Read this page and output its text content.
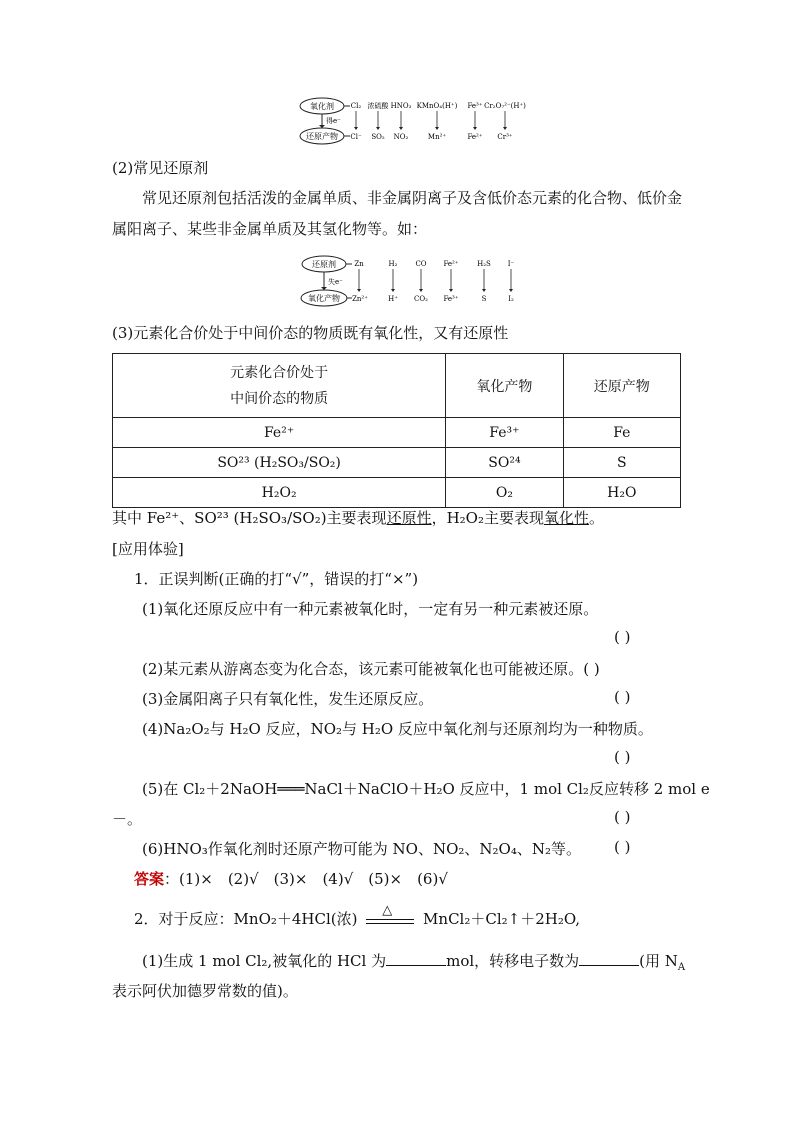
氧化剂
还原产物
得e⁻
Cl₂ 浓硫酸 HNO₃ KMnO₄(H⁺) Fe³⁺ Cr₂O₇²⁻(H⁺)
Cl⁻ SO₂ NO₂	Mn²⁺	Fe²⁺ Cr³⁺
(2)常见还原剂
常见还原剂包括活泼的金属单质、非金属阴离子及含低价态元素的化合物、低价金属阳离子、某些非金属单质及其氢化物等。如：
还原剂
氧化产物
失e⁻
Zn	H₂	CO Fe²⁺	H₂S I⁻
Zn²⁺	H⁺ CO₂ Fe³⁺	S	I₂
(3)元素化合价处于中间价态的物质既有氧化性，又有还原性
元素化合价处于
中间价态的物质	氧化产物	还原产物
Fe²⁺	Fe³⁺	Fe
SO²³ (H₂SO₃/SO₂)	SO²⁴	S
H₂O₂	O₂	H₂O
其中 Fe²⁺、SO²³ (H₂SO₃/SO₂)主要表现还原性，H₂O₂主要表现氧化性。
[应用体验]
1．正误判断(正确的打“√”，错误的打“×”)
(1)氧化还原反应中有一种元素被氧化时，一定有另一种元素被还原。
( )
(2)某元素从游离态变为化合态，该元素可能被氧化也可能被还原。( )
(3)金属阳离子只有氧化性，发生还原反应。	( )
(4)Na₂O₂与 H₂O 反应，NO₂与 H₂O 反应中氧化剂与还原剂均为一种物质。
( )
(5)在 Cl₂＋2NaOH═══NaCl＋NaClO＋H₂O 反应中，1 mol Cl₂反应转移 2 mol e
－。	( )
(6)HNO₃作氧化剂时还原产物可能为 NO、NO₂、N₂O₄、N₂等。 ( )
答案：(1)×　(2)√　(3)×　(4)√　(5)×　(6)√
2．对于反应：MnO₂＋4HCl(浓) △ MnCl₂＋Cl₂↑＋2H₂O,
(1)生成 1 mol Cl₂,被氧化的 HCl 为	mol，转移电子数为	(用 $N_A$
表示阿伏加德罗常数的值)。
